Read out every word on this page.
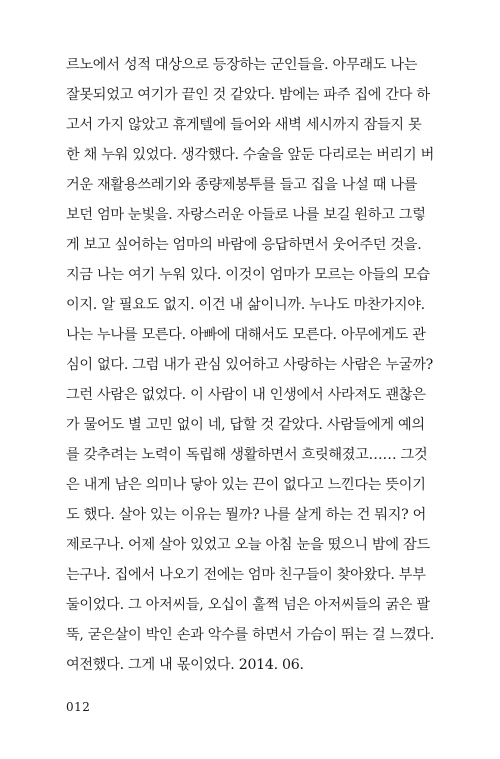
르노에서 성적 대상으로 등장하는 군인들을. 아무래도 나는
잘못되었고 여기가 끝인 것 같았다. 밤에는 파주 집에 간다 하
고서 가지 않았고 휴게텔에 들어와 새벽 세시까지 잠들지 못
한 채 누워 있었다. 생각했다. 수술을 앞둔 다리로는 버리기 버
거운 재활용쓰레기와 종량제봉투를 들고 집을 나설 때 나를
보던 엄마 눈빛을. 자랑스러운 아들로 나를 보길 원하고 그렇
게 보고 싶어하는 엄마의 바람에 응답하면서 웃어주던 것을.
지금 나는 여기 누워 있다. 이것이 엄마가 모르는 아들의 모습
이지. 알 필요도 없지. 이건 내 삶이니까. 누나도 마찬가지야.
나는 누나를 모른다. 아빠에 대해서도 모른다. 아무에게도 관
심이 없다. 그럼 내가 관심 있어하고 사랑하는 사람은 누굴까?
그런 사람은 없었다. 이 사람이 내 인생에서 사라져도 괜찮은
가 물어도 별 고민 없이 네, 답할 것 같았다. 사람들에게 예의
를 갖추려는 노력이 독립해 생활하면서 흐릿해졌고…… 그것
은 내게 남은 의미나 닿아 있는 끈이 없다고 느낀다는 뜻이기
도 했다. 살아 있는 이유는 뭘까? 나를 살게 하는 건 뭐지? 어
제로구나. 어제 살아 있었고 오늘 아침 눈을 떴으니 밤에 잠드
는구나. 집에서 나오기 전에는 엄마 친구들이 찾아왔다. 부부
둘이었다. 그 아저씨들, 오십이 훌쩍 넘은 아저씨들의 굵은 팔
뚝, 굳은살이 박인 손과 악수를 하면서 가슴이 뛰는 걸 느꼈다.
여전했다. 그게 내 몫이었다. 2014. 06.
012
